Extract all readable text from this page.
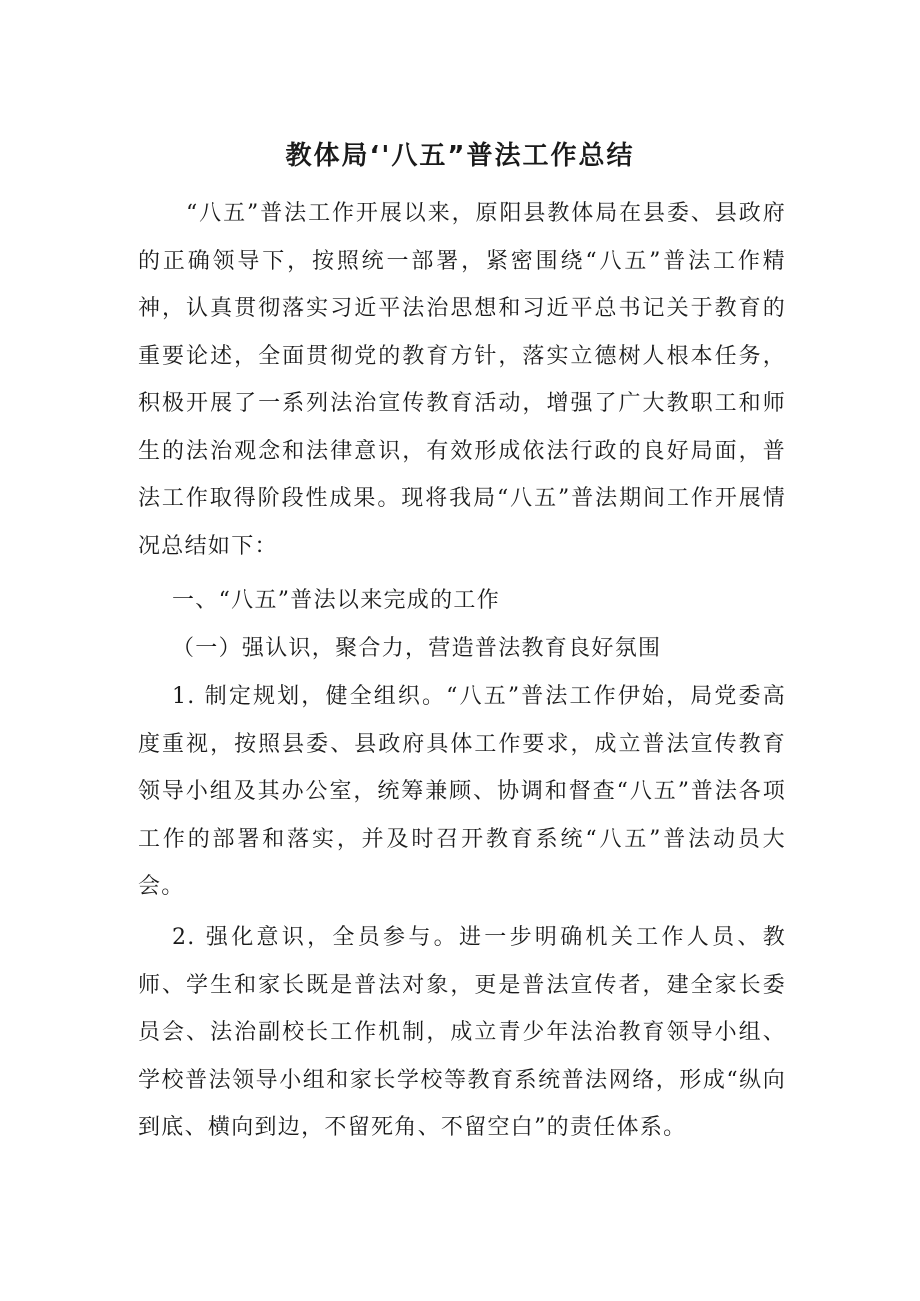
教体局‘'八五”普法工作总结

“八五”普法工作开展以来，原阳县教体局在县委、县政府的正确领导下，按照统一部署，紧密围绕“八五”普法工作精神，认真贯彻落实习近平法治思想和习近平总书记关于教育的重要论述，全面贯彻党的教育方针，落实立德树人根本任务，积极开展了一系列法治宣传教育活动，增强了广大教职工和师生的法治观念和法律意识，有效形成依法行政的良好局面，普法工作取得阶段性成果。现将我局“八五”普法期间工作开展情况总结如下：

一、“八五”普法以来完成的工作

（一）强认识，聚合力，营造普法教育良好氛围

1. 制定规划，健全组织。“八五”普法工作伊始，局党委高度重视，按照县委、县政府具体工作要求，成立普法宣传教育领导小组及其办公室，统筹兼顾、协调和督查“八五”普法各项工作的部署和落实，并及时召开教育系统“八五”普法动员大会。

2. 强化意识，全员参与。进一步明确机关工作人员、教师、学生和家长既是普法对象，更是普法宣传者，建全家长委员会、法治副校长工作机制，成立青少年法治教育领导小组、学校普法领导小组和家长学校等教育系统普法网络，形成“纵向到底、横向到边，不留死角、不留空白”的责任体系。
